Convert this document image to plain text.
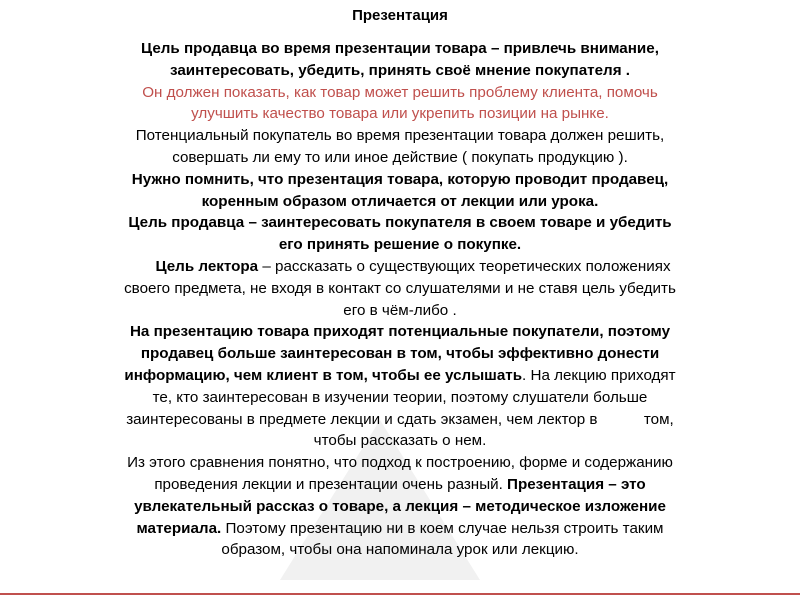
Презентация

Цель продавца во время презентации товара – привлечь внимание,

заинтересовать, убедить, принять своё мнение покупателя .

Он должен показать, как товар может решить проблему клиента, помочь

улучшить качество товара или укрепить позиции на рынке.

Потенциальный покупатель во время презентации товара должен решить,

совершать ли ему то или иное действие ( покупать продукцию ).

Нужно помнить, что презентация товара, которую проводит продавец,

коренным образом отличается от лекции или урока.

Цель продавца – заинтересовать покупателя в своем товаре и убедить

его принять решение о покупке.

Цель лектора – рассказать о существующих теоретических положениях

своего предмета, не входя в контакт со слушателями и не ставя цель убедить

его в чём-либо .

На презентацию товара приходят потенциальные покупатели, поэтому

продавец больше заинтересован в том, чтобы эффективно донести

информацию, чем клиент в том, чтобы ее услышать. На лекцию приходят

те, кто заинтересован в изучении теории, поэтому слушатели больше

заинтересованы в предмете лекции и сдать экзамен, чем лектор в           том,

чтобы рассказать о нем.

Из этого сравнения понятно, что подход к построению, форме и содержанию

проведения лекции и презентации очень разный. Презентация – это

увлекательный рассказ о товаре, а лекция – методическое изложение

материала. Поэтому презентацию ни в коем случае нельзя строить таким

образом, чтобы она напоминала урок или лекцию.
